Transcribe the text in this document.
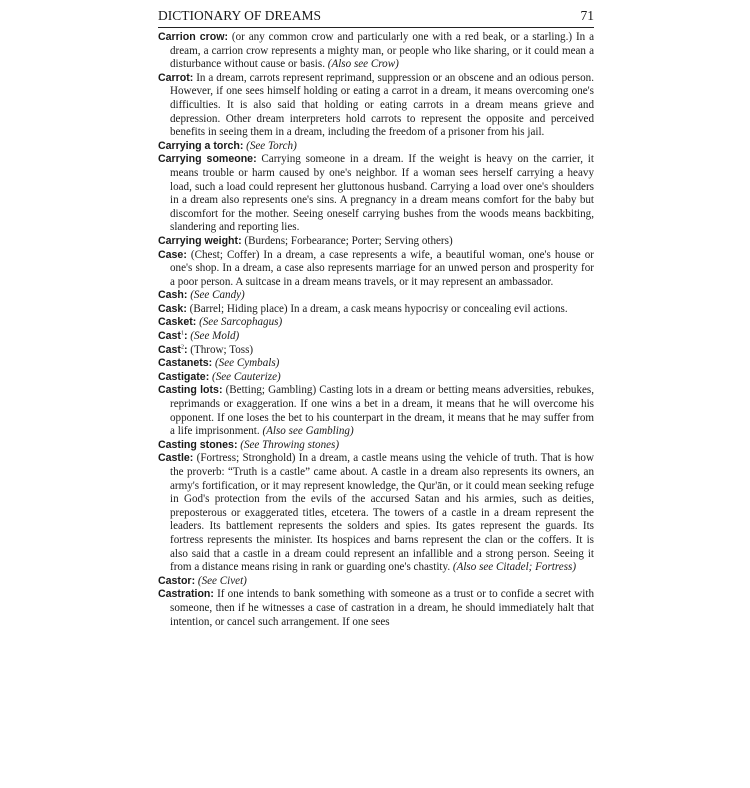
DICTIONARY OF DREAMS	71

Carrion crow: (or any common crow and particularly one with a red beak, or a starling.) In a dream, a carrion crow represents a mighty man, or people who like sharing, or it could mean a disturbance without cause or basis. (Also see Crow)

Carrot: In a dream, carrots represent reprimand, suppression or an obscene and an odious person. However, if one sees himself holding or eating a carrot in a dream, it means overcoming one's difficulties. It is also said that holding or eating carrots in a dream means grieve and depression. Other dream interpreters hold carrots to represent the opposite and perceived benefits in seeing them in a dream, including the freedom of a prisoner from his jail.

Carrying a torch: (See Torch)

Carrying someone: Carrying someone in a dream. If the weight is heavy on the carrier, it means trouble or harm caused by one's neighbor. If a woman sees herself carrying a heavy load, such a load could represent her gluttonous husband. Carrying a load over one's shoulders in a dream also represents one's sins. A pregnancy in a dream means comfort for the baby but discomfort for the mother. Seeing oneself carrying bushes from the woods means backbiting, slandering and reporting lies.

Carrying weight: (Burdens; Forbearance; Porter; Serving others)

Case: (Chest; Coffer) In a dream, a case represents a wife, a beautiful woman, one's house or one's shop. In a dream, a case also represents marriage for an unwed person and prosperity for a poor person. A suitcase in a dream means travels, or it may represent an ambassador.

Cash: (See Candy)

Cask: (Barrel; Hiding place) In a dream, a cask means hypocrisy or concealing evil actions.

Casket: (See Sarcophagus)

Cast$^1$: (See Mold)

Cast$^2$: (Throw; Toss)

Castanets: (See Cymbals)

Castigate: (See Cauterize)

Casting lots: (Betting; Gambling) Casting lots in a dream or betting means adversities, rebukes, reprimands or exaggeration. If one wins a bet in a dream, it means that he will overcome his opponent. If one loses the bet to his counterpart in the dream, it means that he may suffer from a life imprisonment. (Also see Gambling)

Casting stones: (See Throwing stones)

Castle: (Fortress; Stronghold) In a dream, a castle means using the vehicle of truth. That is how the proverb: “Truth is a castle” came about. A castle in a dream also represents its owners, an army's fortification, or it may represent knowledge, the Qur'ān, or it could mean seeking refuge in God's protection from the evils of the accursed Satan and his armies, such as deities, preposterous or exaggerated titles, etcetera. The towers of a castle in a dream represent the leaders. Its battlement represents the solders and spies. Its gates represent the guards. Its fortress represents the minister. Its hospices and barns represent the clan or the coffers. It is also said that a castle in a dream could represent an infallible and a strong person. Seeing it from a distance means rising in rank or guarding one's chastity. (Also see Citadel; Fortress)

Castor: (See Civet)

Castration: If one intends to bank something with someone as a trust or to confide a secret with someone, then if he witnesses a case of castration in a dream, he should immediately halt that intention, or cancel such arrangement. If one sees
